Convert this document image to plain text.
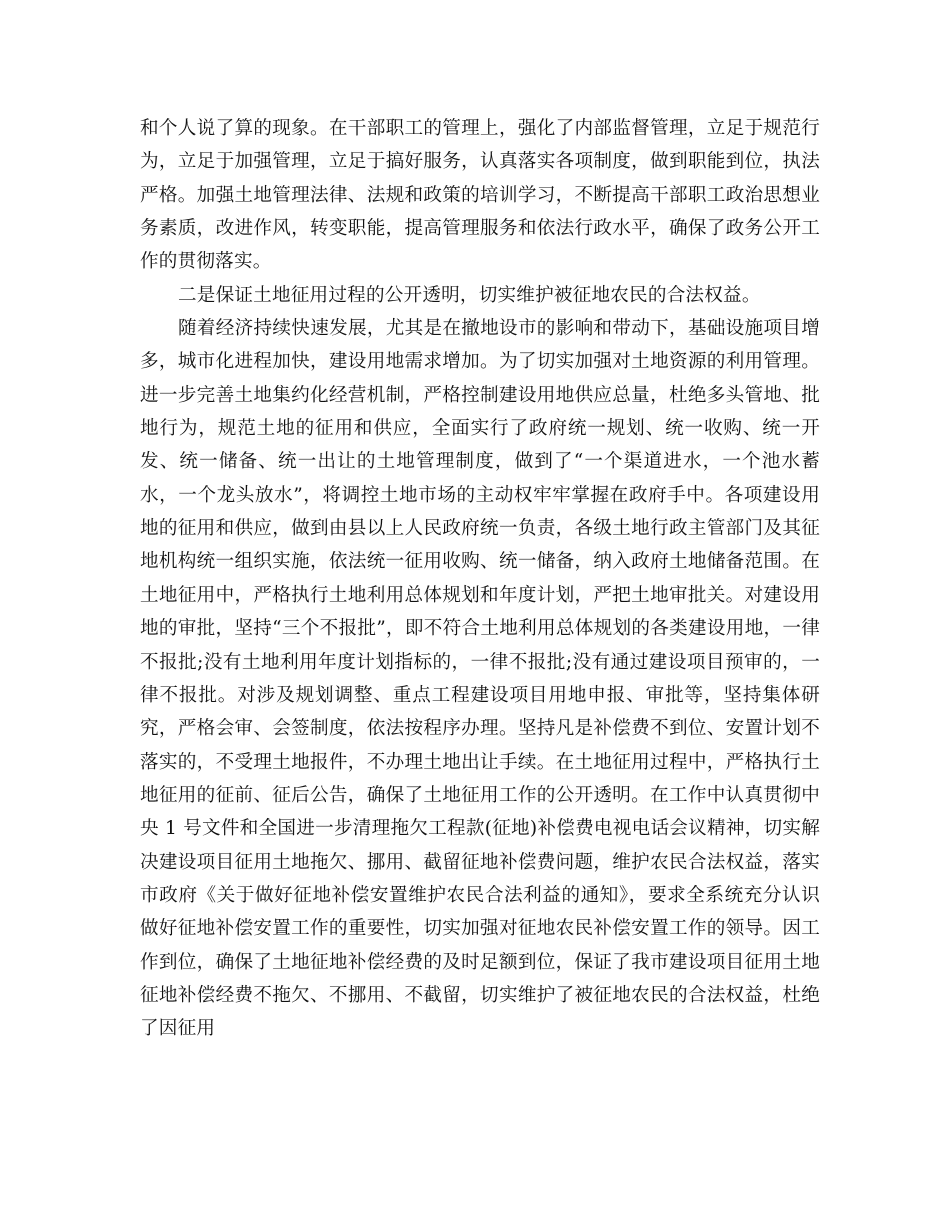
和个人说了算的现象。在干部职工的管理上，强化了内部监督管理，立足于规范行为，立足于加强管理，立足于搞好服务，认真落实各项制度，做到职能到位，执法严格。加强土地管理法律、法规和政策的培训学习，不断提高干部职工政治思想业务素质，改进作风，转变职能，提高管理服务和依法行政水平，确保了政务公开工作的贯彻落实。

二是保证土地征用过程的公开透明，切实维护被征地农民的合法权益。

随着经济持续快速发展，尤其是在撤地设市的影响和带动下，基础设施项目增多，城市化进程加快，建设用地需求增加。为了切实加强对土地资源的利用管理。进一步完善土地集约化经营机制，严格控制建设用地供应总量，杜绝多头管地、批地行为，规范土地的征用和供应，全面实行了政府统一规划、统一收购、统一开发、统一储备、统一出让的土地管理制度，做到了“一个渠道进水，一个池水蓄水，一个龙头放水”，将调控土地市场的主动权牢牢掌握在政府手中。各项建设用地的征用和供应，做到由县以上人民政府统一负责，各级土地行政主管部门及其征地机构统一组织实施，依法统一征用收购、统一储备，纳入政府土地储备范围。在土地征用中，严格执行土地利用总体规划和年度计划，严把土地审批关。对建设用地的审批，坚持“三个不报批”，即不符合土地利用总体规划的各类建设用地，一律不报批;没有土地利用年度计划指标的，一律不报批;没有通过建设项目预审的，一律不报批。对涉及规划调整、重点工程建设项目用地申报、审批等，坚持集体研究，严格会审、会签制度，依法按程序办理。坚持凡是补偿费不到位、安置计划不落实的，不受理土地报件，不办理土地出让手续。在土地征用过程中，严格执行土地征用的征前、征后公告，确保了土地征用工作的公开透明。在工作中认真贯彻中央 1 号文件和全国进一步清理拖欠工程款(征地)补偿费电视电话会议精神，切实解决建设项目征用土地拖欠、挪用、截留征地补偿费问题，维护农民合法权益，落实市政府《关于做好征地补偿安置维护农民合法利益的通知》，要求全系统充分认识做好征地补偿安置工作的重要性，切实加强对征地农民补偿安置工作的领导。因工作到位，确保了土地征地补偿经费的及时足额到位，保证了我市建设项目征用土地征地补偿经费不拖欠、不挪用、不截留，切实维护了被征地农民的合法权益，杜绝了因征用
